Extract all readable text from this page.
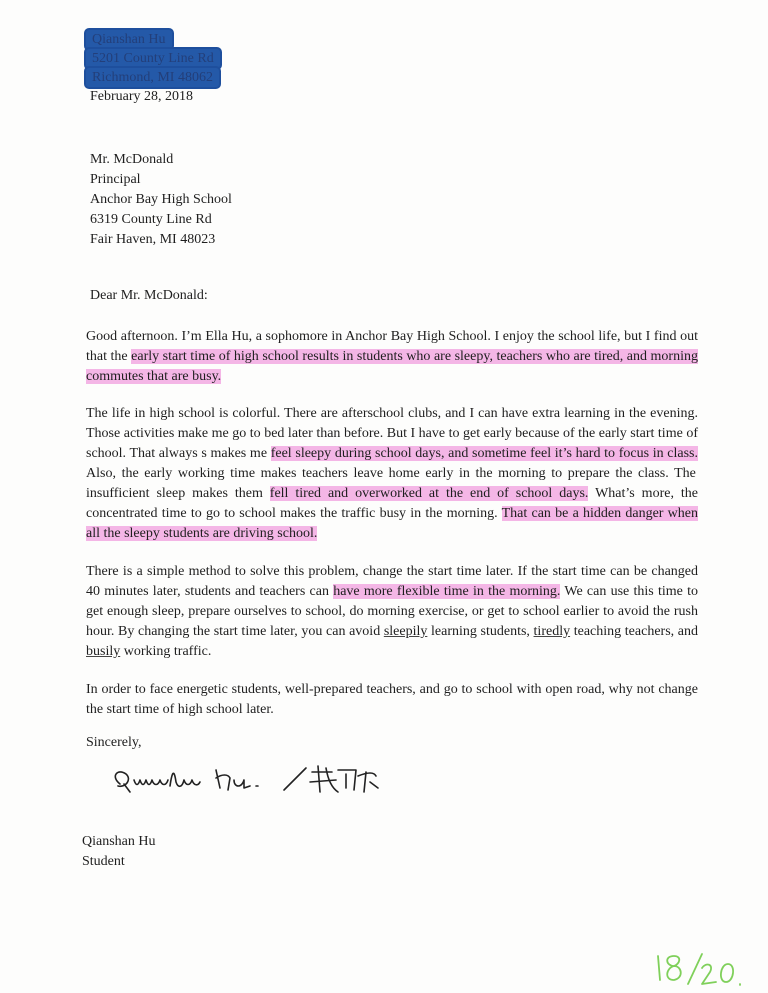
Qianshan Hu
5201 County Line Rd
Richmond, MI 48062
February 28, 2018
Mr. McDonald
Principal
Anchor Bay High School
6319 County Line Rd
Fair Haven, MI 48023
Dear Mr. McDonald:
Good afternoon. I’m Ella Hu, a sophomore in Anchor Bay High School. I enjoy the school life, but I find out that the early start time of high school results in students who are sleepy, teachers who are tired, and morning commutes that are busy.
The life in high school is colorful. There are afterschool clubs, and I can have extra learning in the evening. Those activities make me go to bed later than before. But I have to get early because of the early start time of school. That always s makes me feel sleepy during school days, and sometime feel it’s hard to focus in class. Also, the early working time makes teachers leave home early in the morning to prepare the class. The insufficient sleep makes them fell tired and overworked at the end of school days. What’s more, the concentrated time to go to school makes the traffic busy in the morning. That can be a hidden danger when all the sleepy students are driving school.
There is a simple method to solve this problem, change the start time later. If the start time can be changed 40 minutes later, students and teachers can have more flexible time in the morning. We can use this time to get enough sleep, prepare ourselves to school, do morning exercise, or get to school earlier to avoid the rush hour. By changing the start time later, you can avoid sleepily learning students, tiredly teaching teachers, and busily working traffic.
In order to face energetic students, well-prepared teachers, and go to school with open road, why not change the start time of high school later.
Sincerely,
Qianshan Hu
Student
